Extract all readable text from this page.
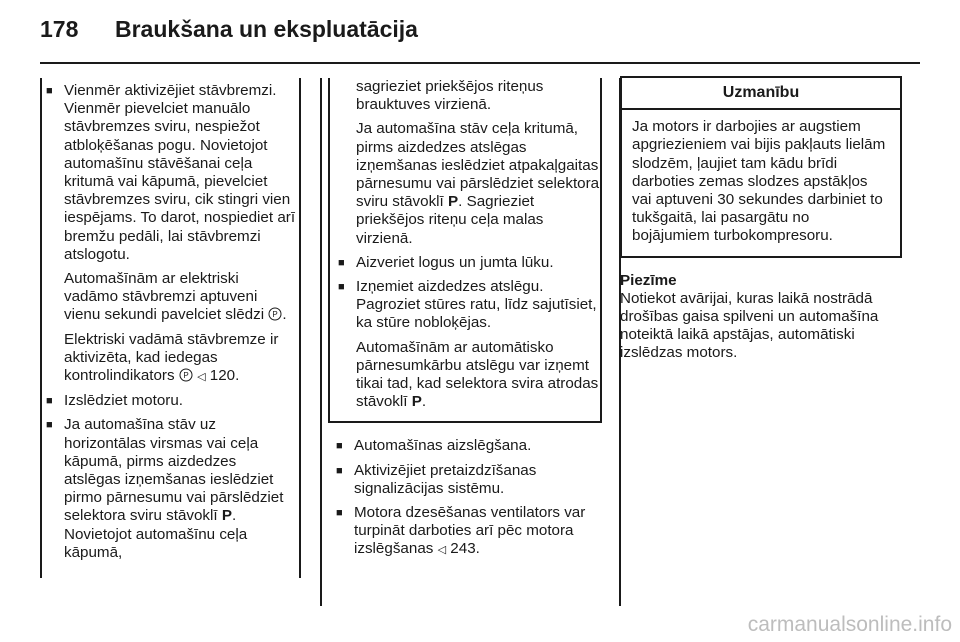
178 Braukšana un ekspluatācija
■ Vienmēr aktivizējiet stāvbremzi. Vienmēr pievelciet manuālo stāvbremzes sviru, nespiežot atbloķēšanas pogu. Novietojot automašīnu stāvēšanai ceļa kritumā vai kāpumā, pievelciet stāvbremzes sviru, cik stingri vien iespējams. To darot, nospiediet arī bremžu pedāli, lai stāvbremzi atslogotu.
Automašīnām ar elektriski vadāmo stāvbremzi aptuveni vienu sekundi pavelciet slēdzi P .
Elektriski vadāmā stāvbremze ir aktivizēta, kad iedegas kontrolindikators P ◁ 120.
■ Izslēdziet motoru.
■ Ja automašīna stāv uz horizontālas virsmas vai ceļa kāpumā, pirms aizdedzes atslēgas izņemšanas ieslēdziet pirmo pārnesumu vai pārslēdziet selektora sviru stāvoklī P. Novietojot automašīnu ceļa kāpumā,
sagrieziet priekšējos riteņus brauktuves virzienā.
Ja automašīna stāv ceļa kritumā, pirms aizdedzes atslēgas izņemšanas ieslēdziet atpakaļgaitas pārnesumu vai pārslēdziet selektora sviru stāvoklī P. Sagrieziet priekšējos riteņu ceļa malas virzienā.
■ Aizveriet logus un jumta lūku.
■ Izņemiet aizdedzes atslēgu. Pagroziet stūres ratu, līdz sajutīsiet, ka stūre nobloķējas.
Automašīnām ar automātisko pārnesumkārbu atslēgu var izņemt tikai tad, kad selektora svira atrodas stāvoklī P.
■ Automašīnas aizslēgšana.
■ Aktivizējiet pretaizdzīšanas signalizācijas sistēmu.
■ Motora dzesēšanas ventilators var turpināt darboties arī pēc motora izslēgšanas ◁ 243.
Uzmanību
Ja motors ir darbojies ar augstiem apgriezieniem vai bijis pakļauts lielām slodzēm, ļaujiet tam kādu brīdi darboties zemas slodzes apstākļos vai aptuveni 30 sekundes darbiniet to tukšgaitā, lai pasargātu no bojājumiem turbokompresoru.
Piezīme
Notiekot avārijai, kuras laikā nostrādā drošības gaisa spilveni un automašīna noteiktā laikā apstājas, automātiski izslēdzas motors.
carmanualsonline.info
